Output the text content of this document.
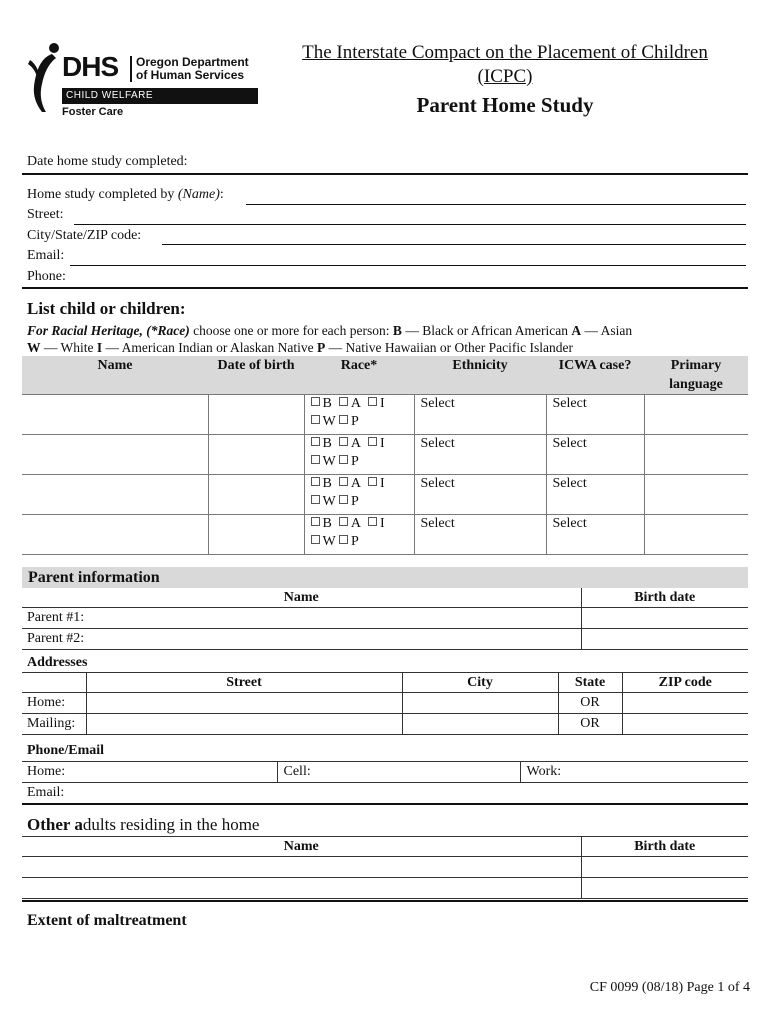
DHS Oregon Department
of Human Services
CHILD WELFARE
Foster Care
The Interstate Compact on the Placement of Children
(ICPC)
Parent Home Study
Date home study completed:
Home study completed by (Name):
Street:
City/State/ZIP code:
Email:
Phone:
List child or children:
For Racial Heritage, (*Race) choose one or more for each person: B — Black or African American A — Asian
W — White I — American Indian or Alaskan Native P — Native Hawaiian or Other Pacific Islander
Name	Date of birth	Race*	Ethnicity	ICWA case?	Primary language
		B A I
W P	Select	Select	
		B A I
W P	Select	Select	
		B A I
W P	Select	Select	
		B A I
W P	Select	Select	
Parent information
Name	Birth date
Parent #1:	
Parent #2:	
Addresses
	Street	City	State	ZIP code
Home:			OR	
Mailing:			OR	
Phone/Email
Home:	Cell:	Work:
Email:
Other adults residing in the home
Name	Birth date

Extent of maltreatment
CF 0099 (08/18) Page 1 of 4
